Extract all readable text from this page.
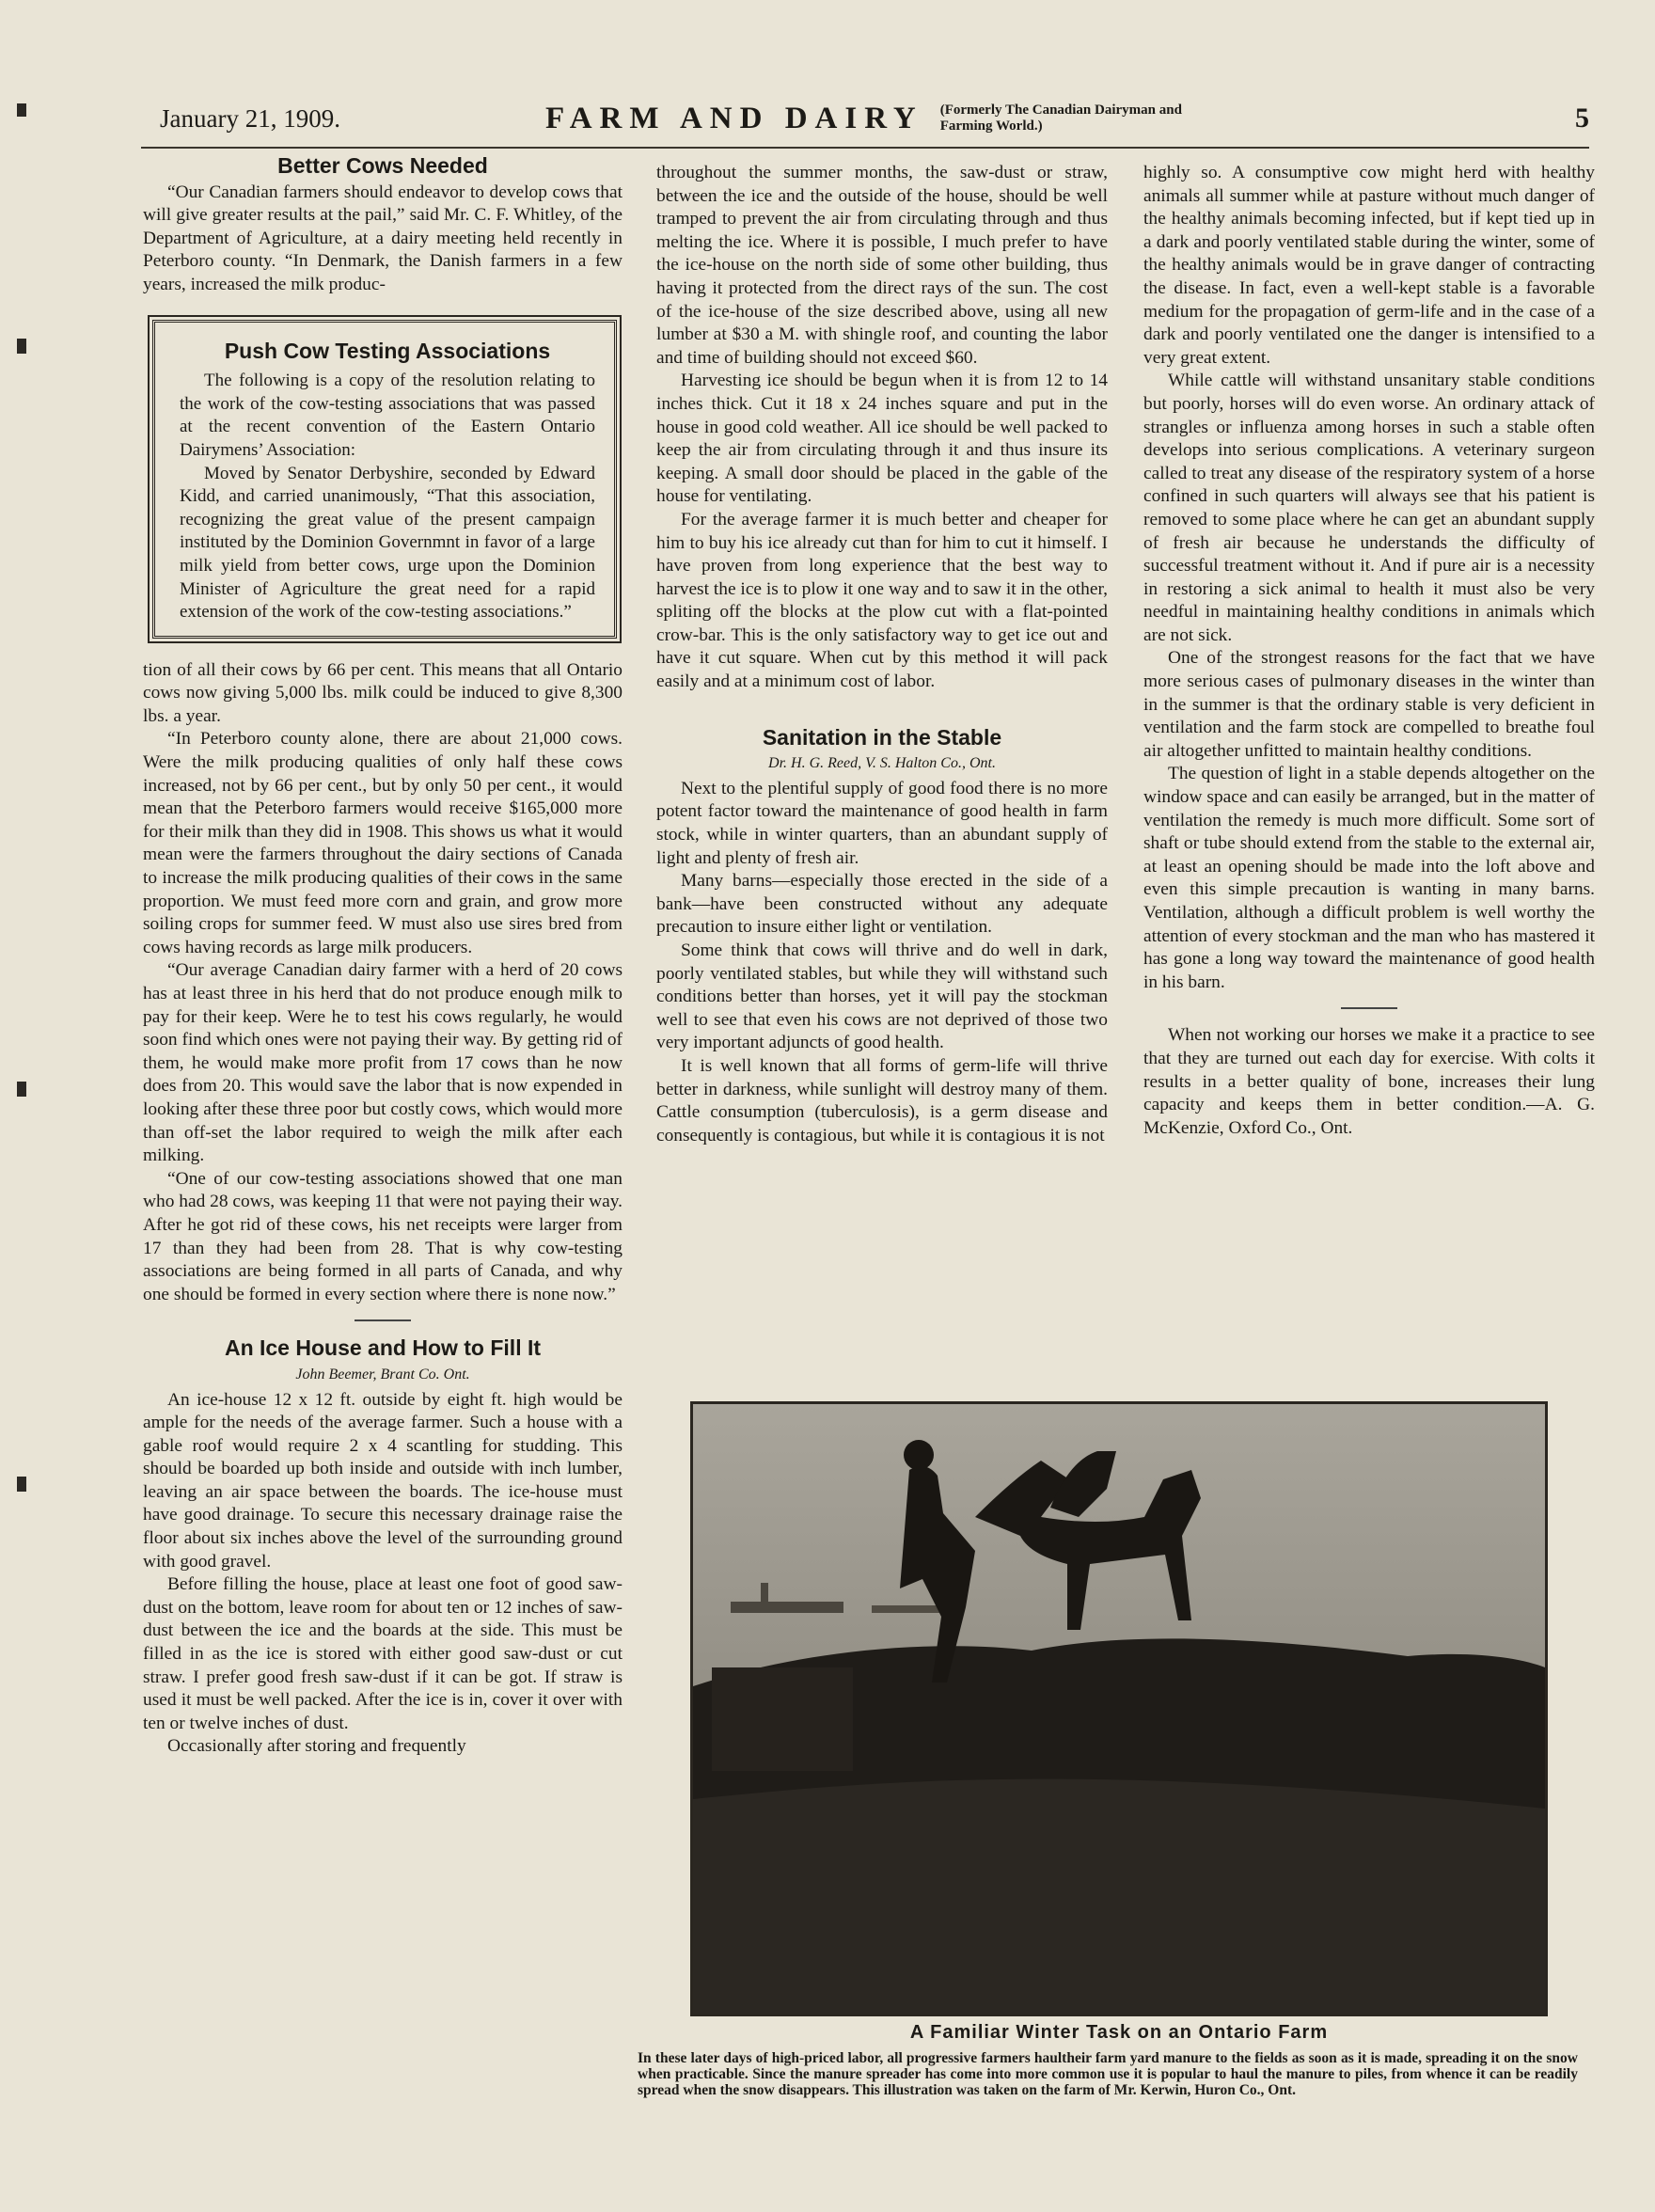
January 21, 1909.	FARM AND DAIRY (Formerly The Canadian Dairyman and Farming World.)	5
Better Cows Needed

“Our Canadian farmers should endeavor to develop cows that will give greater results at the pail,” said Mr. C. F. Whitley, of the Department of Agriculture, at a dairy meeting held recently in Peterboro county. “In Denmark, the Danish farmers in a few years, increased the milk produc-

Push Cow Testing Associations

The following is a copy of the resolution relating to the work of the cow-testing associations that was passed at the recent convention of the Eastern Ontario Dairymens’ Association:

Moved by Senator Derbyshire, seconded by Edward Kidd, and carried unanimously, “That this association, recognizing the great value of the present campaign instituted by the Dominion Governmnt in favor of a large milk yield from better cows, urge upon the Dominion Minister of Agriculture the great need for a rapid extension of the work of the cow-testing associations.”

tion of all their cows by 66 per cent. This means that all Ontario cows now giving 5,000 lbs. milk could be induced to give 8,300 lbs. a year.

“In Peterboro county alone, there are about 21,000 cows. Were the milk producing qualities of only half these cows increased, not by 66 per cent., but by only 50 per cent., it would mean that the Peterboro farmers would receive $165,000 more for their milk than they did in 1908. This shows us what it would mean were the farmers throughout the dairy sections of Canada to increase the milk producing qualities of their cows in the same proportion. We must feed more corn and grain, and grow more soiling crops for summer feed. W must also use sires bred from cows having records as large milk producers.

“Our average Canadian dairy farmer with a herd of 20 cows has at least three in his herd that do not produce enough milk to pay for their keep. Were he to test his cows regularly, he would soon find which ones were not paying their way. By getting rid of them, he would make more profit from 17 cows than he now does from 20. This would save the labor that is now expended in looking after these three poor but costly cows, which would more than off-set the labor required to weigh the milk after each milking.

“One of our cow-testing associations showed that one man who had 28 cows, was keeping 11 that were not paying their way. After he got rid of these cows, his net receipts were larger from 17 than they had been from 28. That is why cow-testing associations are being formed in all parts of Canada, and why one should be formed in every section where there is none now.”

An Ice House and How to Fill It
John Beemer, Brant Co. Ont.

An ice-house 12 x 12 ft. outside by eight ft. high would be ample for the needs of the average farmer. Such a house with a gable roof would require 2 x 4 scantling for studding. This should be boarded up both inside and outside with inch lumber, leaving an air space between the boards. The ice-house must have good drainage. To secure this necessary drainage raise the floor about six inches above the level of the surrounding ground with good gravel.

Before filling the house, place at least one foot of good saw-dust on the bottom, leave room for about ten or 12 inches of saw-dust between the ice and the boards at the side. This must be filled in as the ice is stored with either good saw-dust or cut straw. I prefer good fresh saw-dust if it can be got. If straw is used it must be well packed. After the ice is in, cover it over with ten or twelve inches of dust.

Occasionally after storing and frequently

throughout the summer months, the saw-dust or straw, between the ice and the outside of the house, should be well tramped to prevent the air from circulating through and thus melting the ice. Where it is possible, I much prefer to have the ice-house on the north side of some other building, thus having it protected from the direct rays of the sun. The cost of the ice-house of the size described above, using all new lumber at $30 a M. with shingle roof, and counting the labor and time of building should not exceed $60.

Harvesting ice should be begun when it is from 12 to 14 inches thick. Cut it 18 x 24 inches square and put in the house in good cold weather. All ice should be well packed to keep the air from circulating through it and thus insure its keeping. A small door should be placed in the gable of the house for ventilating.

For the average farmer it is much better and cheaper for him to buy his ice already cut than for him to cut it himself. I have proven from long experience that the best way to harvest the ice is to plow it one way and to saw it in the other, spliting off the blocks at the plow cut with a flat-pointed crow-bar. This is the only satisfactory way to get ice out and have it cut square. When cut by this method it will pack easily and at a minimum cost of labor.

Sanitation in the Stable
Dr. H. G. Reed, V. S. Halton Co., Ont.

Next to the plentiful supply of good food there is no more potent factor toward the maintenance of good health in farm stock, while in winter quarters, than an abundant supply of light and plenty of fresh air.

Many barns—especially those erected in the side of a bank—have been constructed without any adequate precaution to insure either light or ventilation.

Some think that cows will thrive and do well in dark, poorly ventilated stables, but while they will withstand such conditions better than horses, yet it will pay the stockman well to see that even his cows are not deprived of those two very important adjuncts of good health.

It is well known that all forms of germ-life will thrive better in darkness, while sunlight will destroy many of them. Cattle consumption (tuberculosis), is a germ disease and consequently is contagious, but while it is contagious it is not

highly so. A consumptive cow might herd with healthy animals all summer while at pasture without much danger of the healthy animals becoming infected, but if kept tied up in a dark and poorly ventilated stable during the winter, some of the healthy animals would be in grave danger of contracting the disease. In fact, even a well-kept stable is a favorable medium for the propagation of germ-life and in the case of a dark and poorly ventilated one the danger is intensified to a very great extent.

While cattle will withstand unsanitary stable conditions but poorly, horses will do even worse. An ordinary attack of strangles or influenza among horses in such a stable often develops into serious complications. A veterinary surgeon called to treat any disease of the respiratory system of a horse confined in such quarters will always see that his patient is removed to some place where he can get an abundant supply of fresh air because he understands the difficulty of successful treatment without it. And if pure air is a necessity in restoring a sick animal to health it must also be very needful in maintaining healthy conditions in animals which are not sick.

One of the strongest reasons for the fact that we have more serious cases of pulmonary diseases in the winter than in the summer is that the ordinary stable is very deficient in ventilation and the farm stock are compelled to breathe foul air altogether unfitted to maintain healthy conditions.

The question of light in a stable depends altogether on the window space and can easily be arranged, but in the matter of ventilation the remedy is much more difficult. Some sort of shaft or tube should extend from the stable to the external air, at least an opening should be made into the loft above and even this simple precaution is wanting in many barns. Ventilation, although a difficult problem is well worthy the attention of every stockman and the man who has mastered it has gone a long way toward the maintenance of good health in his barn.

When not working our horses we make it a practice to see that they are turned out each day for exercise. With colts it results in a better quality of bone, increases their lung capacity and keeps them in better condition.—A. G. McKenzie, Oxford Co., Ont.

A Familiar Winter Task on an Ontario Farm
In these later days of high-priced labor, all progressive farmers haultheir farm yard manure to the fields as soon as it is made, spreading it on the snow when practicable. Since the manure spreader has come into more common use it is popular to haul the manure to piles, from whence it can be readily spread when the snow disappears. This illustration was taken on the farm of Mr. Kerwin, Huron Co., Ont.
